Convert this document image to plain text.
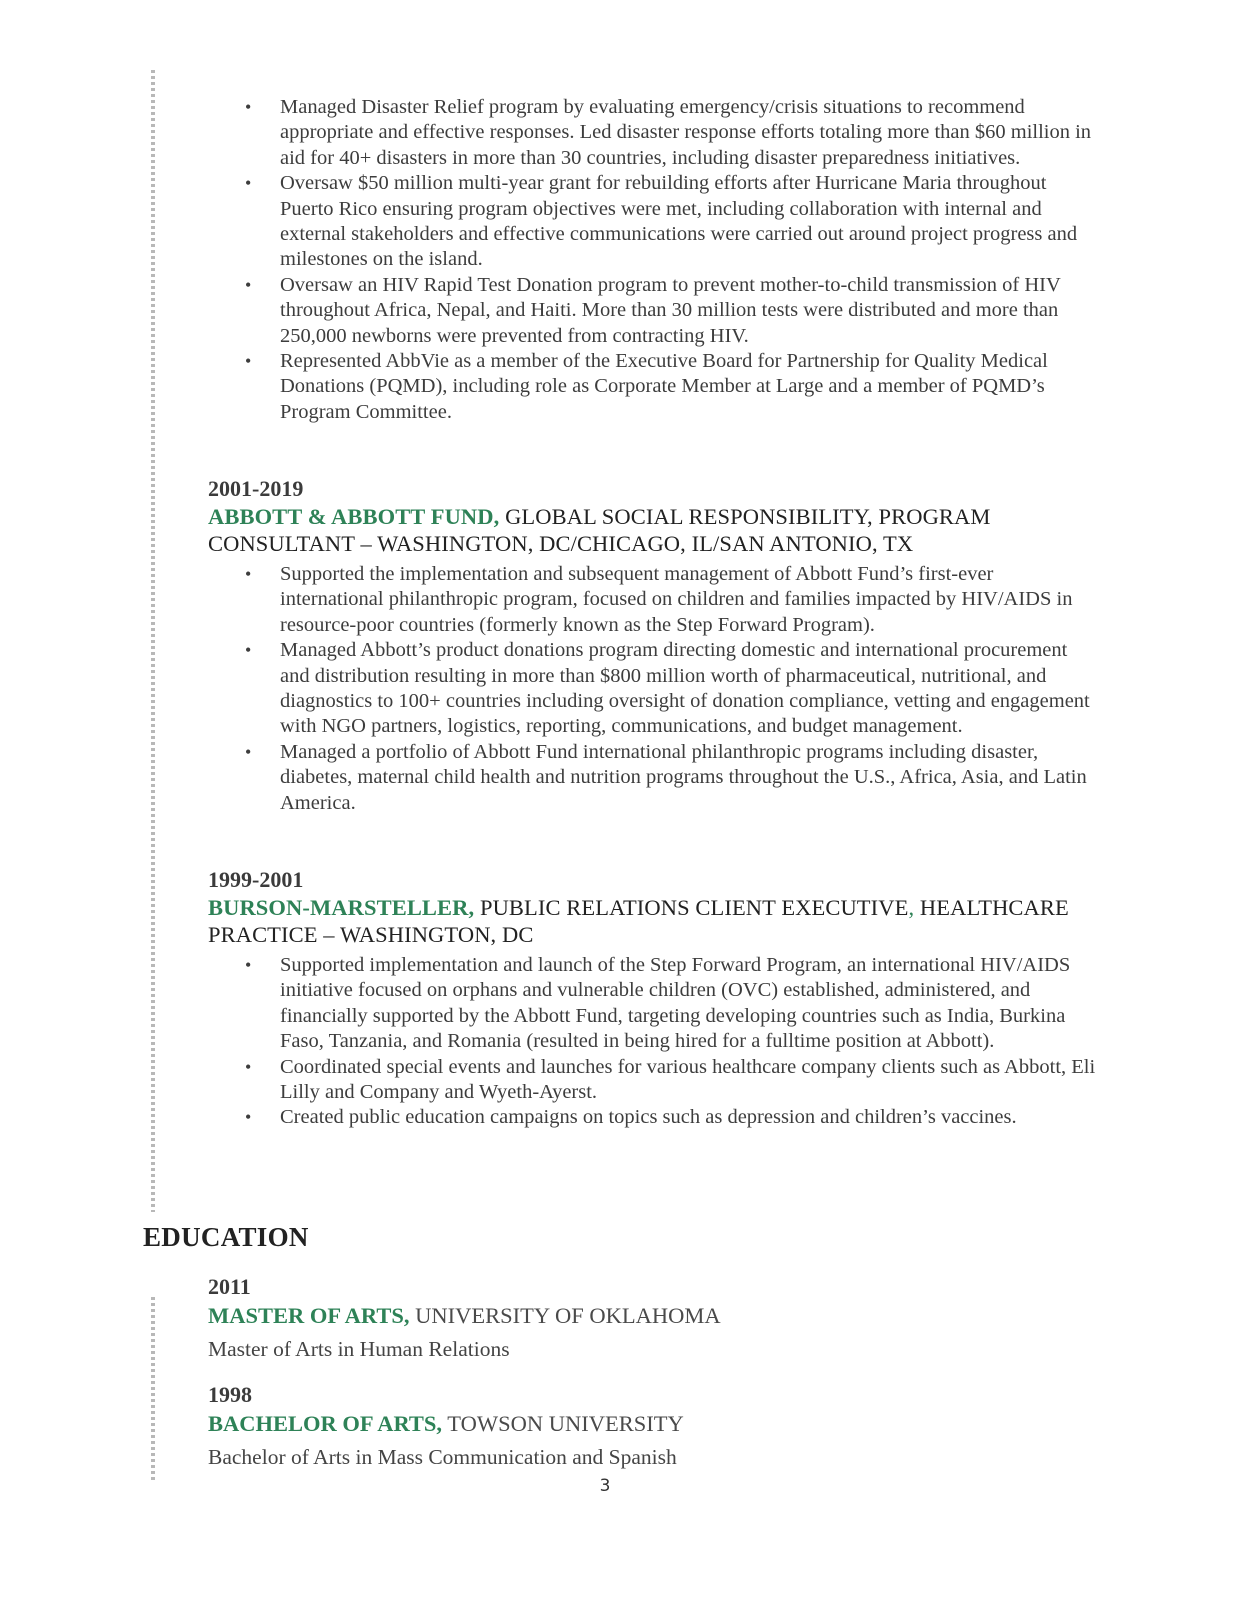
• Managed Disaster Relief program by evaluating emergency/crisis situations to recommend appropriate and effective responses. Led disaster response efforts totaling more than $60 million in aid for 40+ disasters in more than 30 countries, including disaster preparedness initiatives.
• Oversaw $50 million multi-year grant for rebuilding efforts after Hurricane Maria throughout Puerto Rico ensuring program objectives were met, including collaboration with internal and external stakeholders and effective communications were carried out around project progress and milestones on the island.
• Oversaw an HIV Rapid Test Donation program to prevent mother-to-child transmission of HIV throughout Africa, Nepal, and Haiti. More than 30 million tests were distributed and more than 250,000 newborns were prevented from contracting HIV.
• Represented AbbVie as a member of the Executive Board for Partnership for Quality Medical Donations (PQMD), including role as Corporate Member at Large and a member of PQMD’s Program Committee.
2001-2019
ABBOTT & ABBOTT FUND, GLOBAL SOCIAL RESPONSIBILITY, PROGRAM CONSULTANT – WASHINGTON, DC/CHICAGO, IL/SAN ANTONIO, TX
• Supported the implementation and subsequent management of Abbott Fund’s first-ever international philanthropic program, focused on children and families impacted by HIV/AIDS in resource-poor countries (formerly known as the Step Forward Program).
• Managed Abbott’s product donations program directing domestic and international procurement and distribution resulting in more than $800 million worth of pharmaceutical, nutritional, and diagnostics to 100+ countries including oversight of donation compliance, vetting and engagement with NGO partners, logistics, reporting, communications, and budget management.
• Managed a portfolio of Abbott Fund international philanthropic programs including disaster, diabetes, maternal child health and nutrition programs throughout the U.S., Africa, Asia, and Latin America.
1999-2001
BURSON-MARSTELLER, PUBLIC RELATIONS CLIENT EXECUTIVE, HEALTHCARE PRACTICE – WASHINGTON, DC
• Supported implementation and launch of the Step Forward Program, an international HIV/AIDS initiative focused on orphans and vulnerable children (OVC) established, administered, and financially supported by the Abbott Fund, targeting developing countries such as India, Burkina Faso, Tanzania, and Romania (resulted in being hired for a fulltime position at Abbott).
• Coordinated special events and launches for various healthcare company clients such as Abbott, Eli Lilly and Company and Wyeth-Ayerst.
• Created public education campaigns on topics such as depression and children’s vaccines.
EDUCATION
2011
MASTER OF ARTS, UNIVERSITY OF OKLAHOMA
Master of Arts in Human Relations
1998
BACHELOR OF ARTS, TOWSON UNIVERSITY
Bachelor of Arts in Mass Communication and Spanish
3
